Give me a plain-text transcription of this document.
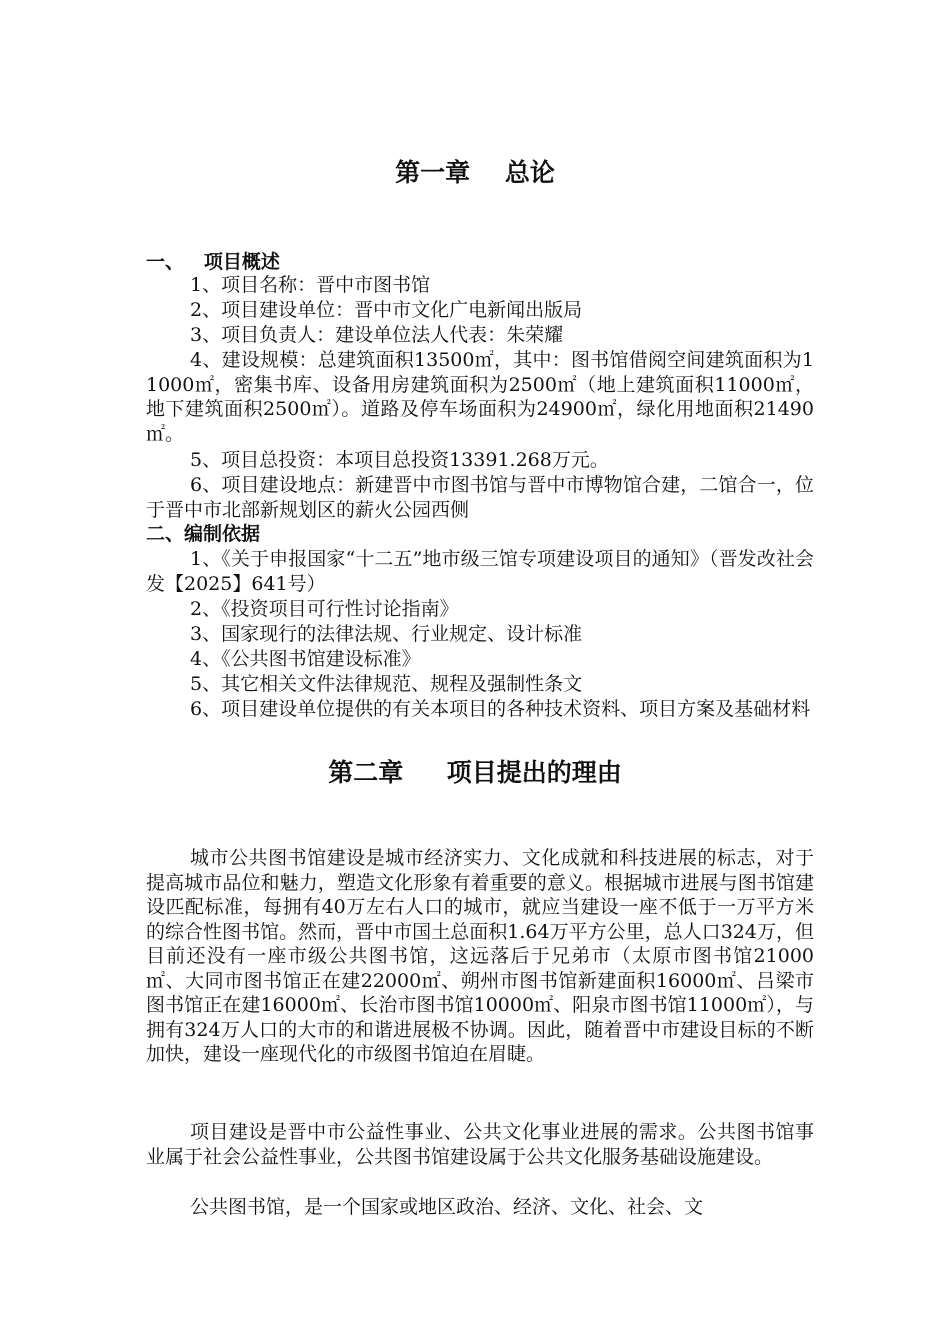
第一章    总论
一、   项目概述

1、项目名称：晋中市图书馆

2、项目建设单位：晋中市文化广电新闻出版局

3、项目负责人：建设单位法人代表：朱荣耀

4、建设规模：总建筑面积13500㎡，其中：图书馆借阅空间建筑面积为11000㎡，密集书库、设备用房建筑面积为2500㎡（地上建筑面积11000㎡，地下建筑面积2500㎡）。道路及停车场面积为24900㎡，绿化用地面积21490㎡。

5、项目总投资：本项目总投资13391.268万元。

6、项目建设地点：新建晋中市图书馆与晋中市博物馆合建，二馆合一，位于晋中市北部新规划区的薪火公园西侧

二、编制依据

1、《关于申报国家“十二五”地市级三馆专项建设项目的通知》（晋发改社会发【2025】641号）

2、《投资项目可行性讨论指南》

3、国家现行的法律法规、行业规定、设计标准

4、《公共图书馆建设标准》

5、其它相关文件法律规范、规程及强制性条文

6、项目建设单位提供的有关本项目的各种技术资料、项目方案及基础材料

第二章     项目提出的理由

城市公共图书馆建设是城市经济实力、文化成就和科技进展的标志，对于提高城市品位和魅力，塑造文化形象有着重要的意义。根据城市进展与图书馆建设匹配标准，每拥有40万左右人口的城市，就应当建设一座不低于一万平方米的综合性图书馆。然而，晋中市国土总面积1.64万平方公里，总人口324万，但目前还没有一座市级公共图书馆，这远落后于兄弟市（太原市图书馆21000㎡、大同市图书馆正在建22000㎡、朔州市图书馆新建面积16000㎡、吕梁市图书馆正在建16000㎡、长治市图书馆10000㎡、阳泉市图书馆11000㎡），与拥有324万人口的大市的和谐进展极不协调。因此，随着晋中市建设目标的不断加快，建设一座现代化的市级图书馆迫在眉睫。

项目建设是晋中市公益性事业、公共文化事业进展的需求。公共图书馆事业属于社会公益性事业，公共图书馆建设属于公共文化服务基础设施建设。

公共图书馆，是一个国家或地区政治、经济、文化、社会、文
